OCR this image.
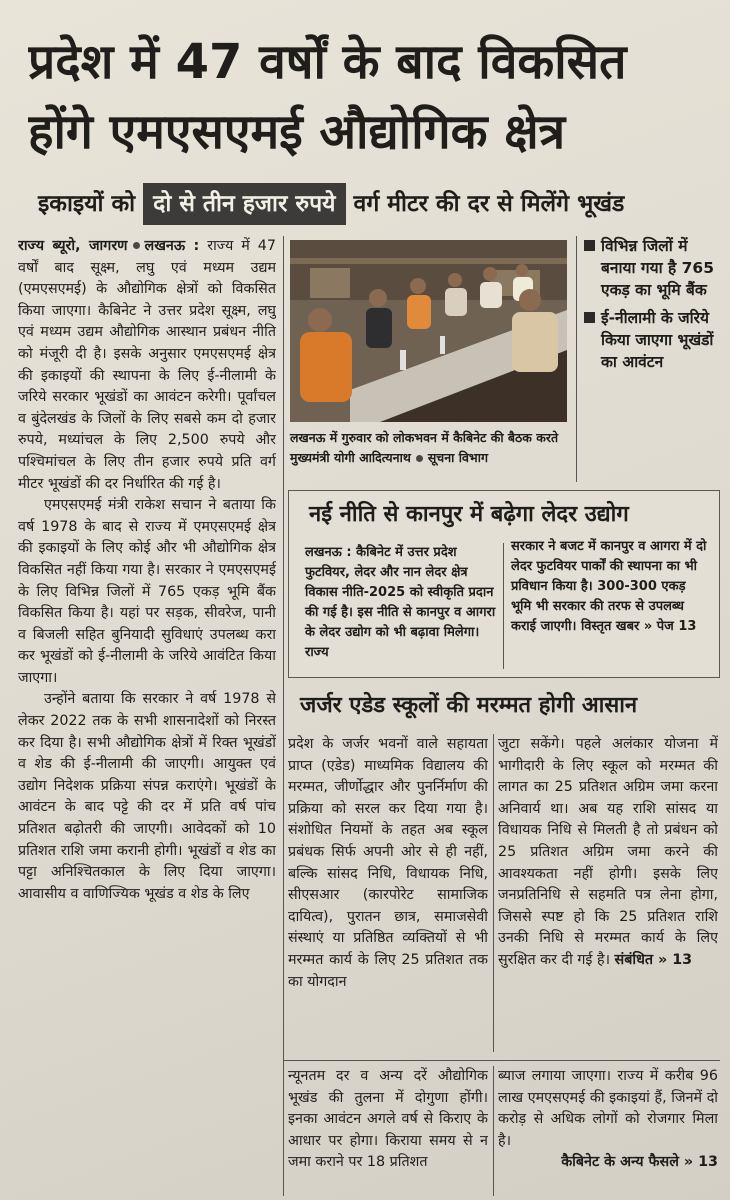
प्रदेश में 47 वर्षों के बाद विकसित
होंगे एमएसएमई औद्योगिक क्षेत्र
इकाइयों को दो से तीन हजार रुपये वर्ग मीटर की दर से मिलेंगे भूखंड

राज्य ब्यूरो, जागरण लखनऊ : राज्य में 47 वर्षों बाद सूक्ष्म, लघु एवं मध्यम उद्यम (एमएसएमई) के औद्योगिक क्षेत्रों को विकसित किया जाएगा। कैबिनेट ने उत्तर प्रदेश सूक्ष्म, लघु एवं मध्यम उद्यम औद्योगिक आस्थान प्रबंधन नीति को मंजूरी दी है। इसके अनुसार एमएसएमई क्षेत्र की इकाइयों की स्थापना के लिए ई-नीलामी के जरिये सरकार भूखंडों का आवंटन करेगी। पूर्वांचल व बुंदेलखंड के जिलों के लिए सबसे कम दो हजार रुपये, मध्यांचल के लिए 2,500 रुपये और पश्चिमांचल के लिए तीन हजार रुपये प्रति वर्ग मीटर भूखंडों की दर निर्धारित की गई है।

एमएसएमई मंत्री राकेश सचान ने बताया कि वर्ष 1978 के बाद से राज्य में एमएसएमई क्षेत्र की इकाइयों के लिए कोई और भी औद्योगिक क्षेत्र विकसित नहीं किया गया है। सरकार ने एमएसएमई के लिए विभिन्न जिलों में 765 एकड़ भूमि बैंक विकसित किया है। यहां पर सड़क, सीवरेज, पानी व बिजली सहित बुनियादी सुविधाएं उपलब्ध करा कर भूखंडों को ई-नीलामी के जरिये आवंटित किया जाएगा।

उन्होंने बताया कि सरकार ने वर्ष 1978 से लेकर 2022 तक के सभी शासनादेशों को निरस्त कर दिया है। सभी औद्योगिक क्षेत्रों में रिक्त भूखंडों व शेड की ई-नीलामी की जाएगी। आयुक्त एवं उद्योग निदेशक प्रक्रिया संपन्न कराएंगे। भूखंडों के आवंटन के बाद पट्टे की दर में प्रति वर्ष पांच प्रतिशत बढ़ोतरी की जाएगी। आवेदकों को 10 प्रतिशत राशि जमा करानी होगी। भूखंडों व शेड का पट्टा अनिश्चितकाल के लिए दिया जाएगा। आवासीय व वाणिज्यिक भूखंड व शेड के लिए

लखनऊ में गुरुवार को लोकभवन में कैबिनेट की बैठक करते मुख्यमंत्री योगी आदित्यनाथ सूचना विभाग
विभिन्न जिलों में बनाया गया है 765 एकड़ का भूमि बैंक
ई-नीलामी के जरिये किया जाएगा भूखंडों का आवंटन
नई नीति से कानपुर में बढ़ेगा लेदर उद्योग
लखनऊ : कैबिनेट में उत्तर प्रदेश फुटवियर, लेदर और नान लेदर क्षेत्र विकास नीति-2025 को स्वीकृति प्रदान की गई है। इस नीति से कानपुर व आगरा के लेदर उद्योग को भी बढ़ावा मिलेगा। राज्य
सरकार ने बजट में कानपुर व आगरा में दो लेदर फुटवियर पार्कों की स्थापना का भी प्रविधान किया है। 300-300 एकड़ भूमि भी सरकार की तरफ से उपलब्ध कराई जाएगी। विस्तृत खबर » पेज 13
जर्जर एडेड स्कूलों की मरम्मत होगी आसान

प्रदेश के जर्जर भवनों वाले सहायता प्राप्त (एडेड) माध्यमिक विद्यालय की मरम्मत, जीर्णोद्धार और पुनर्निर्माण की प्रक्रिया को सरल कर दिया गया है। संशोधित नियमों के तहत अब स्कूल प्रबंधक सिर्फ अपनी ओर से ही नहीं, बल्कि सांसद निधि, विधायक निधि, सीएसआर (कारपोरेट सामाजिक दायित्व), पुरातन छात्र, समाजसेवी संस्थाएं या प्रतिष्ठित व्यक्तियों से भी मरम्मत कार्य के लिए 25 प्रतिशत तक का योगदान

जुटा सकेंगे। पहले अलंकार योजना में भागीदारी के लिए स्कूल को मरम्मत की लागत का 25 प्रतिशत अग्रिम जमा करना अनिवार्य था। अब यह राशि सांसद या विधायक निधि से मिलती है तो प्रबंधन को 25 प्रतिशत अग्रिम जमा करने की आवश्यकता नहीं होगी। इसके लिए जनप्रतिनिधि से सहमति पत्र लेना होगा, जिससे स्पष्ट हो कि 25 प्रतिशत राशि उनकी निधि से मरम्मत कार्य के लिए सुरक्षित कर दी गई है। संबंधित » 13

न्यूनतम दर व अन्य दरें औद्योगिक भूखंड की तुलना में दोगुणा होंगी। इनका आवंटन अगले वर्ष से किराए के आधार पर होगा। किराया समय से न जमा कराने पर 18 प्रतिशत

ब्याज लगाया जाएगा। राज्य में करीब 96 लाख एमएसएमई की इकाइयां हैं, जिनमें दो करोड़ से अधिक लोगों को रोजगार मिला है।

कैबिनेट के अन्य फैसले » 13
